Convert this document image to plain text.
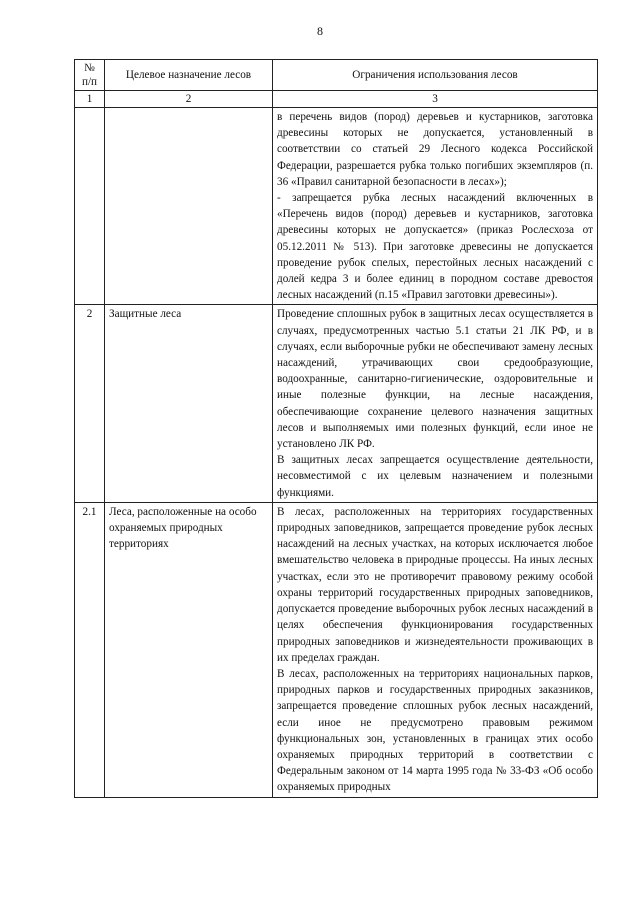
8
№ п/п	Целевое назначение лесов	Ограничения использования лесов
1	2	3

		в перечень видов (пород) деревьев и кустарников, заготовка древесины которых не допускается, установленный в соответствии со статьей 29 Лесного кодекса Российской Федерации, разрешается рубка только погибших экземпляров (п. 36 «Правил санитарной безопасности в лесах»);

- запрещается рубка лесных насаждений включенных в «Перечень видов (пород) деревьев и кустарников, заготовка древесины которых не допускается» (приказ Рослесхоза от 05.12.2011 № 513). При заготовке древесины не допускается проведение рубок спелых, перестойных лесных насаждений с долей кедра 3 и более единиц в породном составе древостоя лесных насаждений (п.15 «Правил заготовки древесины»).

2	Защитные леса	Проведение сплошных рубок в защитных лесах осуществляется в случаях, предусмотренных частью 5.1 статьи 21 ЛК РФ, и в случаях, если выборочные рубки не обеспечивают замену лесных насаждений, утрачивающих свои средообразующие, водоохранные, санитарно-гигиенические, оздоровительные и иные полезные функции, на лесные насаждения, обеспечивающие сохранение целевого назначения защитных лесов и выполняемых ими полезных функций, если иное не установлено ЛК РФ.

В защитных лесах запрещается осуществление деятельности, несовместимой с их целевым назначением и полезными функциями.

2.1	Леса, расположенные на особо охраняемых природных территориях	В лесах, расположенных на территориях государственных природных заповедников, запрещается проведение рубок лесных насаждений на лесных участках, на которых исключается любое вмешательство человека в природные процессы. На иных лесных участках, если это не противоречит правовому режиму особой охраны территорий государственных природных заповедников, допускается проведение выборочных рубок лесных насаждений в целях обеспечения функционирования государственных природных заповедников и жизнедеятельности проживающих в их пределах граждан.

В лесах, расположенных на территориях национальных парков, природных парков и государственных природных заказников, запрещается проведение сплошных рубок лесных насаждений, если иное не предусмотрено правовым режимом функциональных зон, установленных в границах этих особо охраняемых природных территорий в соответствии с Федеральным законом от 14 марта 1995 года № 33-ФЗ «Об особо охраняемых природных
